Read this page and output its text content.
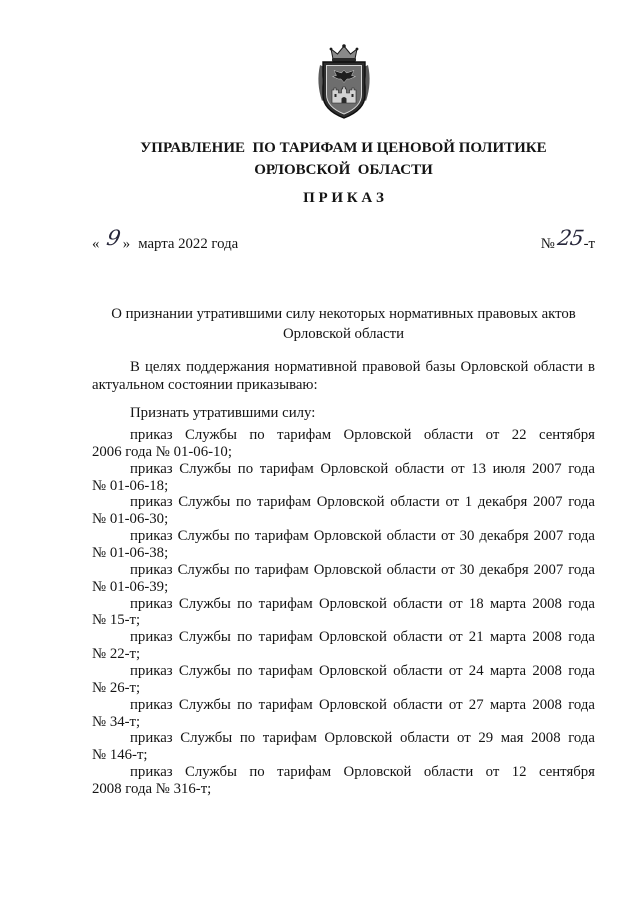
УПРАВЛЕНИЕ  ПО ТАРИФАМ И ЦЕНОВОЙ ПОЛИТИКЕ
ОРЛОВСКОЙ  ОБЛАСТИ
П Р И К А З
« 9 » марта 2022 года	№ 25
-т
О признании утратившими силу некоторых нормативных правовых актов
Орловской области
В целях поддержания нормативной правовой базы Орловской области в
актуальном состоянии приказываю:
Признать утратившими силу:
приказ Службы по тарифам Орловской области от 22 сентября
2006 года № 01-06-10;
приказ Службы по тарифам Орловской области от 13 июля 2007 года
№ 01-06-18;
приказ Службы по тарифам Орловской области от 1 декабря 2007 года
№ 01-06-30;
приказ Службы по тарифам Орловской области от 30 декабря 2007 года
№ 01-06-38;
приказ Службы по тарифам Орловской области от 30 декабря 2007 года
№ 01-06-39;
приказ Службы по тарифам Орловской области от 18 марта 2008 года
№ 15-т;
приказ Службы по тарифам Орловской области от 21 марта 2008 года
№ 22-т;
приказ Службы по тарифам Орловской области от 24 марта 2008 года
№ 26-т;
приказ Службы по тарифам Орловской области от 27 марта 2008 года
№ 34-т;
приказ Службы по тарифам Орловской области от 29 мая 2008 года
№ 146-т;
приказ Службы по тарифам Орловской области от 12 сентября
2008 года № 316-т;
